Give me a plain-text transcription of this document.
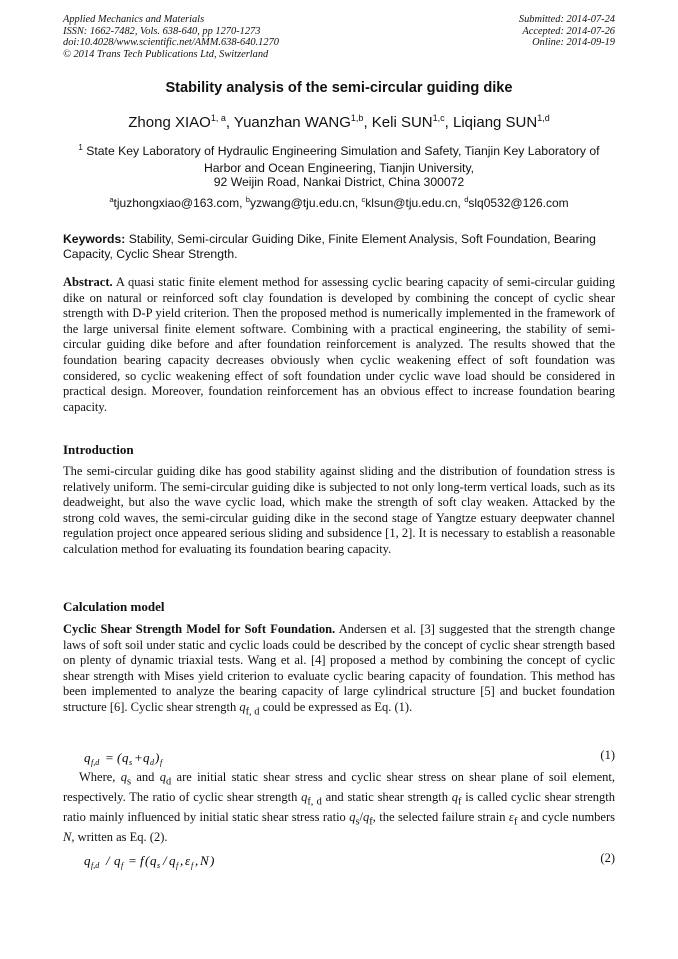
Applied Mechanics and Materials
ISSN: 1662-7482, Vols. 638-640, pp 1270-1273
doi:10.4028/www.scientific.net/AMM.638-640.1270
© 2014 Trans Tech Publications Ltd, Switzerland
Submitted: 2014-07-24
Accepted: 2014-07-26
Online: 2014-09-19
Stability analysis of the semi-circular guiding dike
Zhong XIAO$^{1, a}$, Yuanzhan WANG$^{1,b}$, Keli SUN$^{1,c}$, Liqiang SUN$^{1,d}$
$^1$ State Key Laboratory of Hydraulic Engineering Simulation and Safety, Tianjin Key Laboratory of Harbor and Ocean Engineering, Tianjin University,
92 Weijin Road, Nankai District, China 300072
$^a$tjuzhongxiao@163.com, $^b$yzwang@tju.edu.cn, $^c$klsun@tju.edu.cn, $^d$slq0532@126.com
Keywords: Stability, Semi-circular Guiding Dike, Finite Element Analysis, Soft Foundation, Bearing Capacity, Cyclic Shear Strength.
Abstract. A quasi static finite element method for assessing cyclic bearing capacity of semi-circular guiding dike on natural or reinforced soft clay foundation is developed by combining the concept of cyclic shear strength with D-P yield criterion. Then the proposed method is numerically implemented in the framework of the large universal finite element software. Combining with a practical engineering, the stability of semi-circular guiding dike before and after foundation reinforcement is analyzed. The results showed that the foundation bearing capacity decreases obviously when cyclic weakening effect of soft foundation was considered, so cyclic weakening effect of soft foundation under cyclic wave load should be considered in practical design. Moreover, foundation reinforcement has an obvious effect to increase foundation bearing capacity.
Introduction
The semi-circular guiding dike has good stability against sliding and the distribution of foundation stress is relatively uniform. The semi-circular guiding dike is subjected to not only long-term vertical loads, such as its deadweight, but also the wave cyclic load, which make the strength of soft clay weaken. Attacked by the strong cold waves, the semi-circular guiding dike in the second stage of Yangtze estuary deepwater channel regulation project once appeared serious sliding and subsidence [1, 2]. It is necessary to establish a reasonable calculation method for evaluating its foundation bearing capacity.
Calculation model
Cyclic Shear Strength Model for Soft Foundation. Andersen et al. [3] suggested that the strength change laws of soft soil under static and cyclic loads could be described by the concept of cyclic shear strength based on plenty of dynamic triaxial tests. Wang et al. [4] proposed a method by combining the concept of cyclic shear strength with Mises yield criterion to evaluate cyclic bearing capacity of foundation. This method has been implemented to analyze the bearing capacity of large cylindrical structure [5] and bucket foundation structure [6]. Cyclic shear strength $q_{f, d}$ could be expressed as Eq. (1).
q f,d = ( q s + q d ) f
(1)
Where, $q_s$ and $q_d$ are initial static shear stress and cyclic shear stress on shear plane of soil element, respectively. The ratio of cyclic shear strength $q_{f, d}$ and static shear strength $q_f$ is called cyclic shear strength ratio mainly influenced by initial static shear stress ratio $q_s/q_f$, the selected failure strain $\varepsilon_f$ and cycle numbers N, written as Eq. (2).
q f,d / q f = f ( q s / q f , ε f , N )	(2)
